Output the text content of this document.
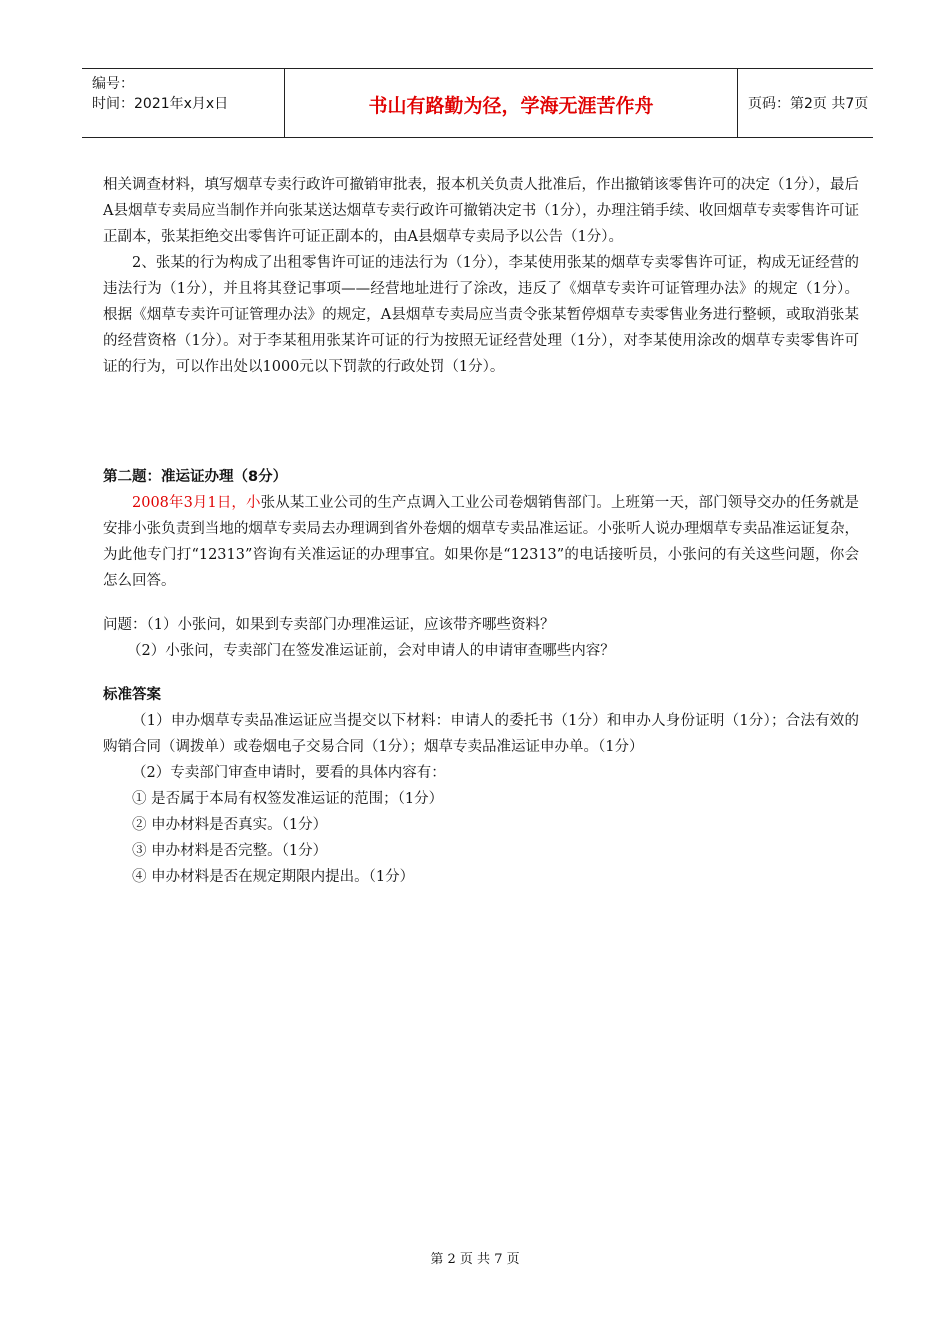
编号：
时间：2021年x月x日	书山有路勤为径，学海无涯苦作舟	页码：第2页 共7页

相关调查材料，填写烟草专卖行政许可撤销审批表，报本机关负责人批准后，作出撤销该零售许可的决定（1分），最后A县烟草专卖局应当制作并向张某送达烟草专卖行政许可撤销决定书（1分），办理注销手续、收回烟草专卖零售许可证正副本，张某拒绝交出零售许可证正副本的，由A县烟草专卖局予以公告（1分）。

2、张某的行为构成了出租零售许可证的违法行为（1分），李某使用张某的烟草专卖零售许可证，构成无证经营的违法行为（1分），并且将其登记事项——经营地址进行了涂改，违反了《烟草专卖许可证管理办法》的规定（1分）。根据《烟草专卖许可证管理办法》的规定，A县烟草专卖局应当责令张某暂停烟草专卖零售业务进行整顿，或取消张某的经营资格（1分）。对于李某租用张某许可证的行为按照无证经营处理（1分），对李某使用涂改的烟草专卖零售许可证的行为，可以作出处以1000元以下罚款的行政处罚（1分）。

第二题：准运证办理（8分）

2008年3月1日，小张从某工业公司的生产点调入工业公司卷烟销售部门。上班第一天，部门领导交办的任务就是安排小张负责到当地的烟草专卖局去办理调到省外卷烟的烟草专卖品准运证。小张听人说办理烟草专卖品准运证复杂，为此他专门打“12313”咨询有关准运证的办理事宜。如果你是“12313”的电话接听员，小张问的有关这些问题，你会怎么回答。

问题：（1）小张问，如果到专卖部门办理准运证，应该带齐哪些资料？

（2）小张问，专卖部门在签发准运证前，会对申请人的申请审查哪些内容？

标准答案

（1）申办烟草专卖品准运证应当提交以下材料：申请人的委托书（1分）和申办人身份证明（1分）；合法有效的购销合同（调拨单）或卷烟电子交易合同（1分）；烟草专卖品准运证申办单。（1分）

（2）专卖部门审查申请时，要看的具体内容有：

① 是否属于本局有权签发准运证的范围；（1分）

② 申办材料是否真实。（1分）

③ 申办材料是否完整。（1分）

④ 申办材料是否在规定期限内提出。（1分）

第 2 页 共 7 页
